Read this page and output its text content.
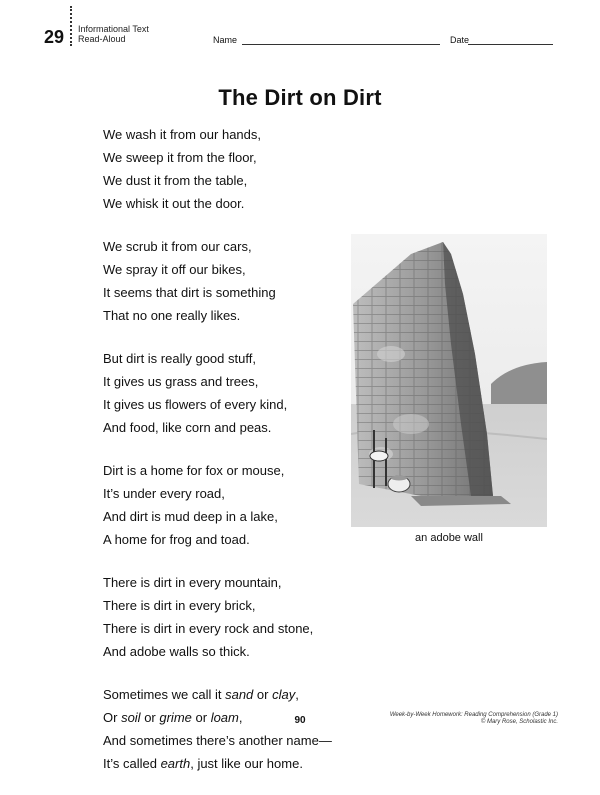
29 Informational Text
Read-Aloud	Name	Date
The Dirt on Dirt
We wash it from our hands,
We sweep it from the floor,
We dust it from the table,
We whisk it out the door.
We scrub it from our cars,
We spray it off our bikes,
It seems that dirt is something
That no one really likes.
But dirt is really good stuff,
It gives us grass and trees,
It gives us flowers of every kind,
And food, like corn and peas.
Dirt is a home for fox or mouse,
It’s under every road,
And dirt is mud deep in a lake,
A home for frog and toad.
There is dirt in every mountain,
There is dirt in every brick,
There is dirt in every rock and stone,
And adobe walls so thick.
Sometimes we call it sand or clay,
Or soil or grime or loam,
And sometimes there’s another name—
It’s called earth, just like our home.
an adobe wall
90	Week-by-Week Homework: Reading Comprehension (Grade 1)
© Mary Rose, Scholastic Inc.
